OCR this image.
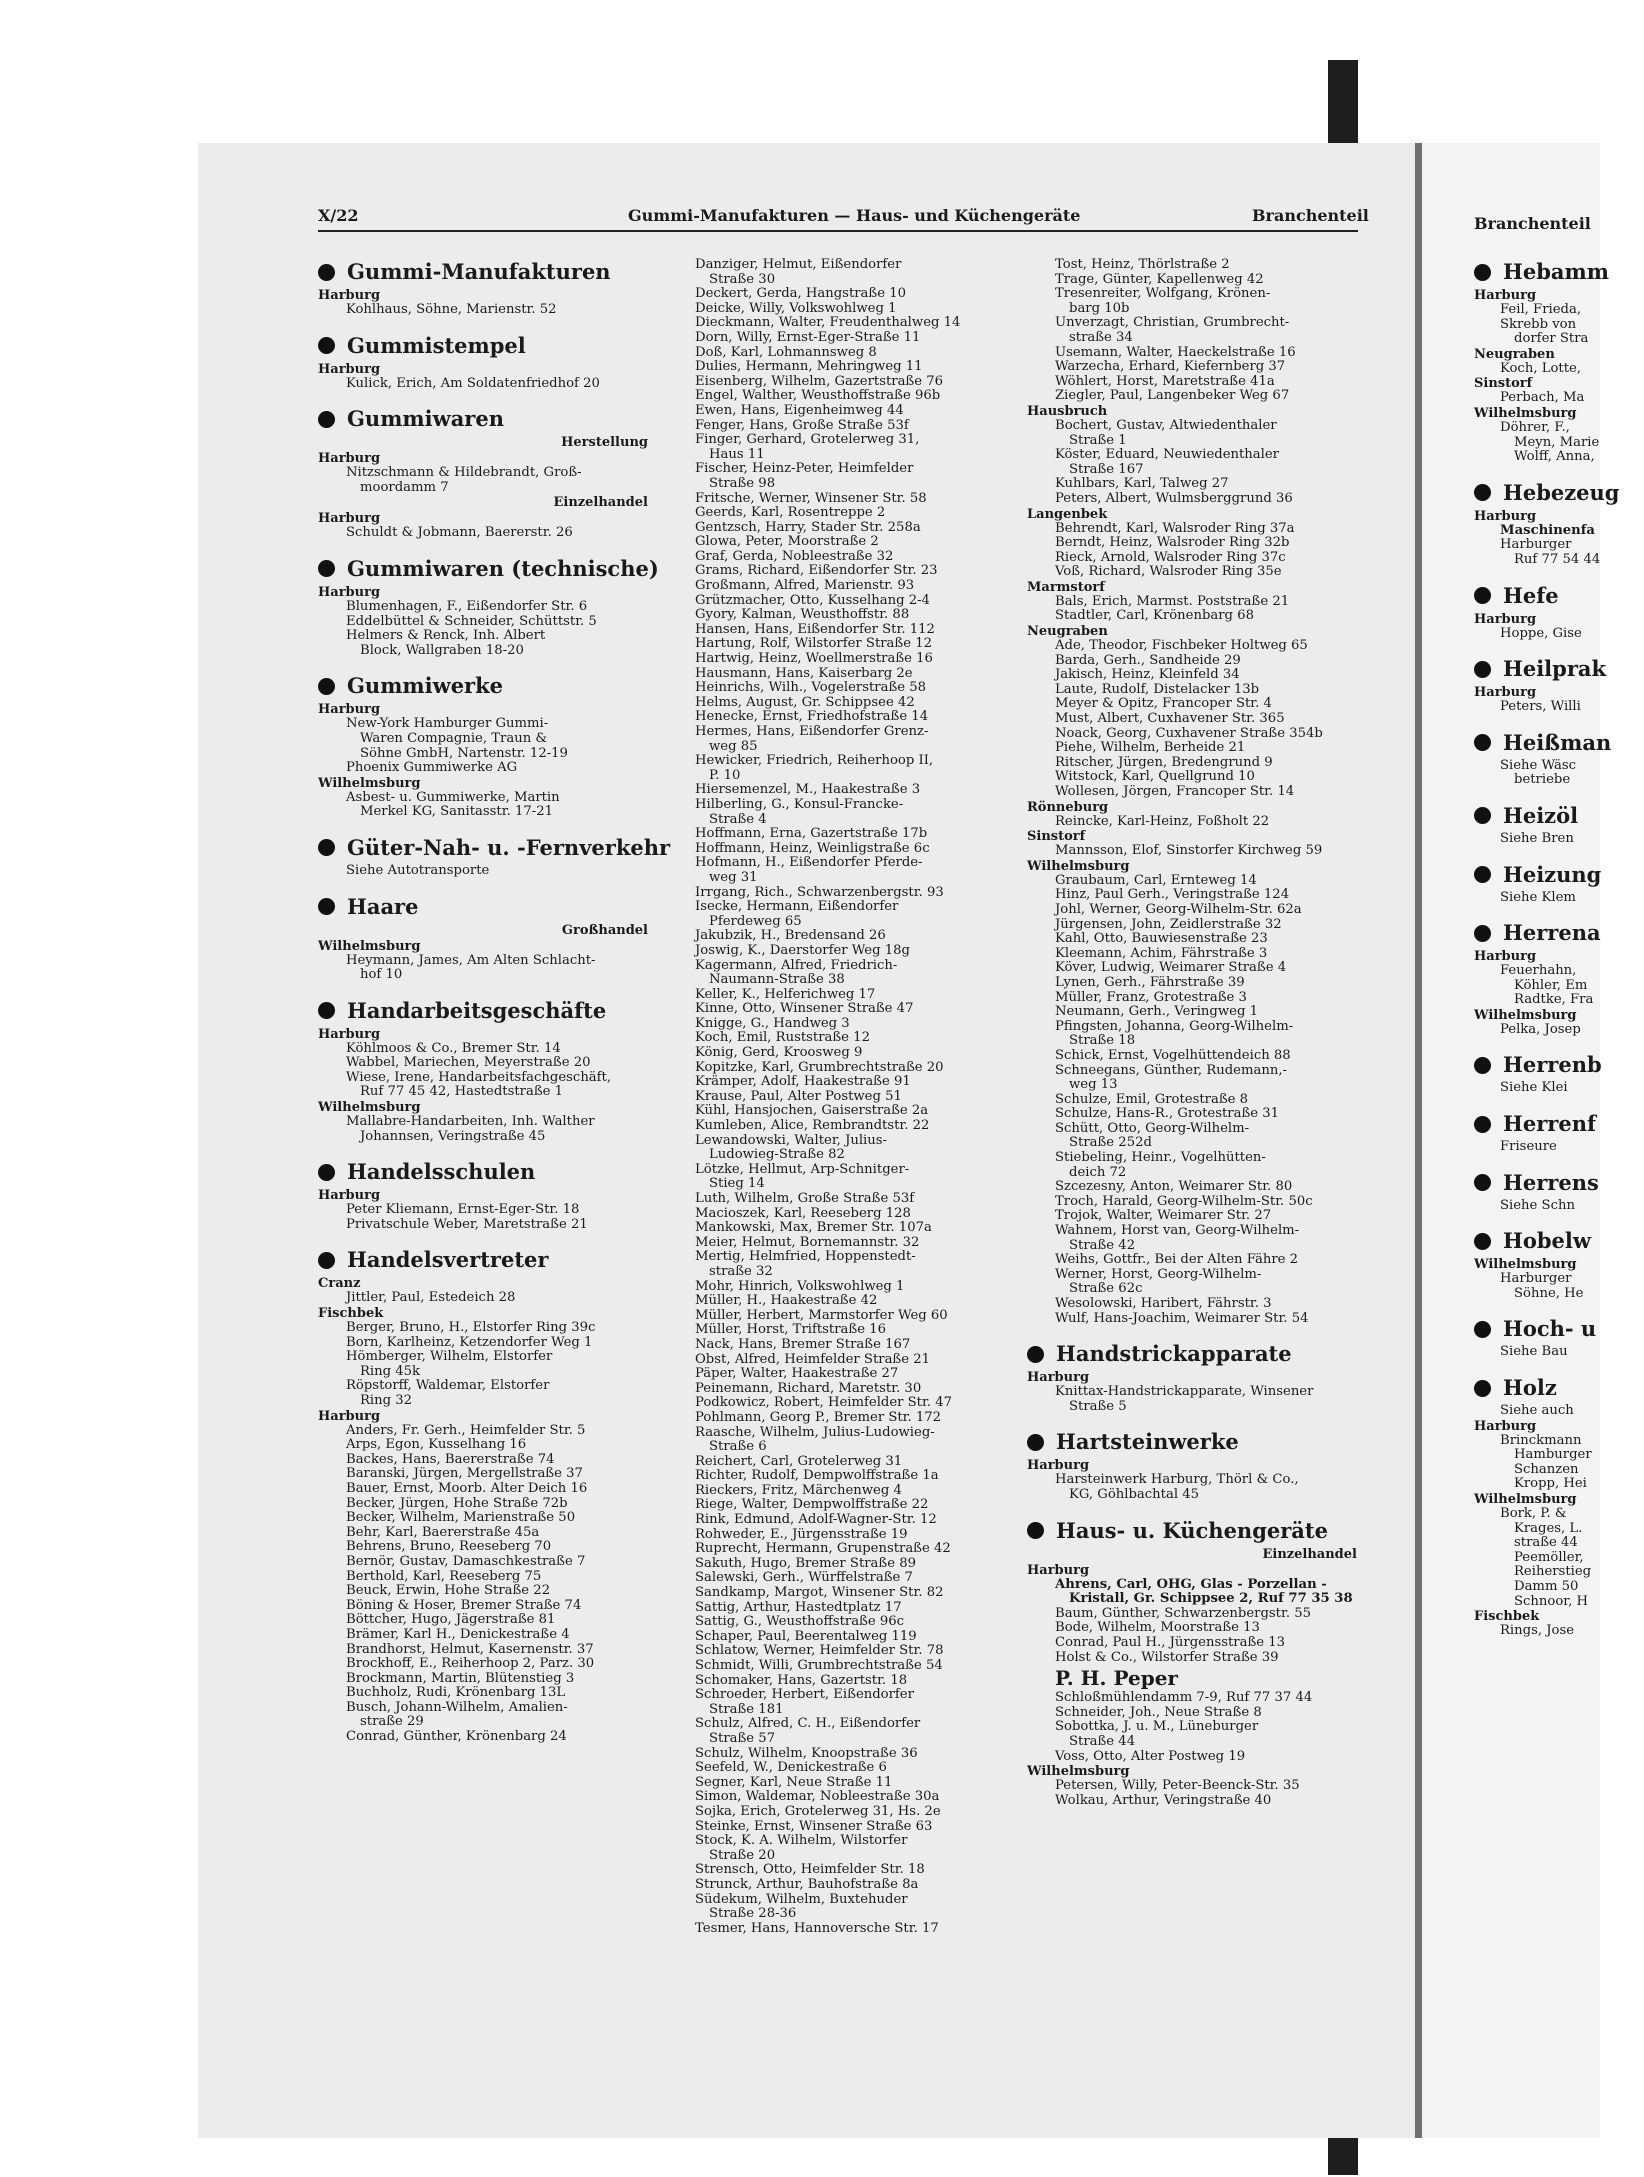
X/22	Gummi-Manufakturen — Haus- und Küchengeräte	Branchenteil	Branchenteil
Gummi-Manufakturen
Harburg
Kohlhaus, Söhne, Marienstr. 52
Gummistempel
Harburg
Kulick, Erich, Am Soldatenfriedhof 20
Gummiwaren
Herstellung
Harburg
Nitzschmann & Hildebrandt, Groß-
moordamm 7
Einzelhandel
Harburg
Schuldt & Jobmann, Baererstr. 26
Gummiwaren (technische)
Harburg
Blumenhagen, F., Eißendorfer Str. 6
Eddelbüttel & Schneider, Schüttstr. 5
Helmers & Renck, Inh. Albert
Block, Wallgraben 18-20
Gummiwerke
Harburg
New-York Hamburger Gummi-
Waren Compagnie, Traun &
Söhne GmbH, Nartenstr. 12-19
Phoenix Gummiwerke AG
Wilhelmsburg
Asbest- u. Gummiwerke, Martin
Merkel KG, Sanitasstr. 17-21
Güter-Nah- u. -Fernverkehr
Siehe Autotransporte
Haare
Großhandel
Wilhelmsburg
Heymann, James, Am Alten Schlacht-
hof 10
Handarbeitsgeschäfte
Harburg
Köhlmoos & Co., Bremer Str. 14
Wabbel, Mariechen, Meyerstraße 20
Wiese, Irene, Handarbeitsfachgeschäft,
Ruf 77 45 42, Hastedtstraße 1
Wilhelmsburg
Mallabre-Handarbeiten, Inh. Walther
Johannsen, Veringstraße 45
Handelsschulen
Harburg
Peter Kliemann, Ernst-Eger-Str. 18
Privatschule Weber, Maretstraße 21
Handelsvertreter
Cranz
Jittler, Paul, Estedeich 28
Fischbek
Berger, Bruno, H., Elstorfer Ring 39c
Born, Karlheinz, Ketzendorfer Weg 1
Hömberger, Wilhelm, Elstorfer
Ring 45k
Röpstorff, Waldemar, Elstorfer
Ring 32
Harburg
Anders, Fr. Gerh., Heimfelder Str. 5
Arps, Egon, Kusselhang 16
Backes, Hans, Baererstraße 74
Baranski, Jürgen, Mergellstraße 37
Bauer, Ernst, Moorb. Alter Deich 16
Becker, Jürgen, Hohe Straße 72b
Becker, Wilhelm, Marienstraße 50
Behr, Karl, Baererstraße 45a
Behrens, Bruno, Reeseberg 70
Bernör, Gustav, Damaschkestraße 7
Berthold, Karl, Reeseberg 75
Beuck, Erwin, Hohe Straße 22
Böning & Hoser, Bremer Straße 74
Böttcher, Hugo, Jägerstraße 81
Brämer, Karl H., Denickestraße 4
Brandhorst, Helmut, Kasernenstr. 37
Brockhoff, E., Reiherhoop 2, Parz. 30
Brockmann, Martin, Blütenstieg 3
Buchholz, Rudi, Krönenbarg 13L
Busch, Johann-Wilhelm, Amalien-
straße 29
Conrad, Günther, Krönenbarg 24
Danziger, Helmut, Eißendorfer
Straße 30
Deckert, Gerda, Hangstraße 10
Deicke, Willy, Volkswohlweg 1
Dieckmann, Walter, Freudenthalweg 14
Dorn, Willy, Ernst-Eger-Straße 11
Doß, Karl, Lohmannsweg 8
Dulies, Hermann, Mehringweg 11
Eisenberg, Wilhelm, Gazertstraße 76
Engel, Walther, Weusthoffstraße 96b
Ewen, Hans, Eigenheimweg 44
Fenger, Hans, Große Straße 53f
Finger, Gerhard, Grotelerweg 31,
Haus 11
Fischer, Heinz-Peter, Heimfelder
Straße 98
Fritsche, Werner, Winsener Str. 58
Geerds, Karl, Rosentreppe 2
Gentzsch, Harry, Stader Str. 258a
Glowa, Peter, Moorstraße 2
Graf, Gerda, Nobleestraße 32
Grams, Richard, Eißendorfer Str. 23
Großmann, Alfred, Marienstr. 93
Grützmacher, Otto, Kusselhang 2-4
Gyory, Kalman, Weusthoffstr. 88
Hansen, Hans, Eißendorfer Str. 112
Hartung, Rolf, Wilstorfer Straße 12
Hartwig, Heinz, Woellmerstraße 16
Hausmann, Hans, Kaiserbarg 2e
Heinrichs, Wilh., Vogelerstraße 58
Helms, August, Gr. Schippsee 42
Henecke, Ernst, Friedhofstraße 14
Hermes, Hans, Eißendorfer Grenz-
weg 85
Hewicker, Friedrich, Reiherhoop II,
P. 10
Hiersemenzel, M., Haakestraße 3
Hilberling, G., Konsul-Francke-
Straße 4
Hoffmann, Erna, Gazertstraße 17b
Hoffmann, Heinz, Weinligstraße 6c
Hofmann, H., Eißendorfer Pferde-
weg 31
Irrgang, Rich., Schwarzenbergstr. 93
Isecke, Hermann, Eißendorfer
Pferdeweg 65
Jakubzik, H., Bredensand 26
Joswig, K., Daerstorfer Weg 18g
Kagermann, Alfred, Friedrich-
Naumann-Straße 38
Keller, K., Helferichweg 17
Kinne, Otto, Winsener Straße 47
Knigge, G., Handweg 3
Koch, Emil, Ruststraße 12
König, Gerd, Kroosweg 9
Kopitzke, Karl, Grumbrechtstraße 20
Krämper, Adolf, Haakestraße 91
Krause, Paul, Alter Postweg 51
Kühl, Hansjochen, Gaiserstraße 2a
Kumleben, Alice, Rembrandtstr. 22
Lewandowski, Walter, Julius-
Ludowieg-Straße 82
Lötzke, Hellmut, Arp-Schnitger-
Stieg 14
Luth, Wilhelm, Große Straße 53f
Macioszek, Karl, Reeseberg 128
Mankowski, Max, Bremer Str. 107a
Meier, Helmut, Bornemannstr. 32
Mertig, Helmfried, Hoppenstedt-
straße 32
Mohr, Hinrich, Volkswohlweg 1
Müller, H., Haakestraße 42
Müller, Herbert, Marmstorfer Weg 60
Müller, Horst, Triftstraße 16
Nack, Hans, Bremer Straße 167
Obst, Alfred, Heimfelder Straße 21
Päper, Walter, Haakestraße 27
Peinemann, Richard, Maretstr. 30
Podkowicz, Robert, Heimfelder Str. 47
Pohlmann, Georg P., Bremer Str. 172
Raasche, Wilhelm, Julius-Ludowieg-
Straße 6
Reichert, Carl, Grotelerweg 31
Richter, Rudolf, Dempwolffstraße 1a
Rieckers, Fritz, Märchenweg 4
Riege, Walter, Dempwolffstraße 22
Rink, Edmund, Adolf-Wagner-Str. 12
Rohweder, E., Jürgensstraße 19
Ruprecht, Hermann, Grupenstraße 42
Sakuth, Hugo, Bremer Straße 89
Salewski, Gerh., Würffelstraße 7
Sandkamp, Margot, Winsener Str. 82
Sattig, Arthur, Hastedtplatz 17
Sattig, G., Weusthoffstraße 96c
Schaper, Paul, Beerentalweg 119
Schlatow, Werner, Heimfelder Str. 78
Schmidt, Willi, Grumbrechtstraße 54
Schomaker, Hans, Gazertstr. 18
Schroeder, Herbert, Eißendorfer
Straße 181
Schulz, Alfred, C. H., Eißendorfer
Straße 57
Schulz, Wilhelm, Knoopstraße 36
Seefeld, W., Denickestraße 6
Segner, Karl, Neue Straße 11
Simon, Waldemar, Nobleestraße 30a
Sojka, Erich, Grotelerweg 31, Hs. 2e
Steinke, Ernst, Winsener Straße 63
Stock, K. A. Wilhelm, Wilstorfer
Straße 20
Strensch, Otto, Heimfelder Str. 18
Strunck, Arthur, Bauhofstraße 8a
Südekum, Wilhelm, Buxtehuder
Straße 28-36
Tesmer, Hans, Hannoversche Str. 17
Tost, Heinz, Thörlstraße 2
Trage, Günter, Kapellenweg 42
Tresenreiter, Wolfgang, Krönen-
barg 10b
Unverzagt, Christian, Grumbrecht-
straße 34
Usemann, Walter, Haeckelstraße 16
Warzecha, Erhard, Kiefernberg 37
Wöhlert, Horst, Maretstraße 41a
Ziegler, Paul, Langenbeker Weg 67
Hausbruch
Bochert, Gustav, Altwiedenthaler
Straße 1
Köster, Eduard, Neuwiedenthaler
Straße 167
Kuhlbars, Karl, Talweg 27
Peters, Albert, Wulmsberggrund 36
Langenbek
Behrendt, Karl, Walsroder Ring 37a
Berndt, Heinz, Walsroder Ring 32b
Rieck, Arnold, Walsroder Ring 37c
Voß, Richard, Walsroder Ring 35e
Marmstorf
Bals, Erich, Marmst. Poststraße 21
Stadtler, Carl, Krönenbarg 68
Neugraben
Ade, Theodor, Fischbeker Holtweg 65
Barda, Gerh., Sandheide 29
Jakisch, Heinz, Kleinfeld 34
Laute, Rudolf, Distelacker 13b
Meyer & Opitz, Francoper Str. 4
Must, Albert, Cuxhavener Str. 365
Noack, Georg, Cuxhavener Straße 354b
Piehe, Wilhelm, Berheide 21
Ritscher, Jürgen, Bredengrund 9
Witstock, Karl, Quellgrund 10
Wollesen, Jörgen, Francoper Str. 14
Rönneburg
Reincke, Karl-Heinz, Foßholt 22
Sinstorf
Mannsson, Elof, Sinstorfer Kirchweg 59
Wilhelmsburg
Graubaum, Carl, Ernteweg 14
Hinz, Paul Gerh., Veringstraße 124
Johl, Werner, Georg-Wilhelm-Str. 62a
Jürgensen, John, Zeidlerstraße 32
Kahl, Otto, Bauwiesenstraße 23
Kleemann, Achim, Fährstraße 3
Köver, Ludwig, Weimarer Straße 4
Lynen, Gerh., Fährstraße 39
Müller, Franz, Grotestraße 3
Neumann, Gerh., Veringweg 1
Pfingsten, Johanna, Georg-Wilhelm-
Straße 18
Schick, Ernst, Vogelhüttendeich 88
Schneegans, Günther, Rudemann,-
weg 13
Schulze, Emil, Grotestraße 8
Schulze, Hans-R., Grotestraße 31
Schütt, Otto, Georg-Wilhelm-
Straße 252d
Stiebeling, Heinr., Vogelhütten-
deich 72
Szcezesny, Anton, Weimarer Str. 80
Troch, Harald, Georg-Wilhelm-Str. 50c
Trojok, Walter, Weimarer Str. 27
Wahnem, Horst van, Georg-Wilhelm-
Straße 42
Weihs, Gottfr., Bei der Alten Fähre 2
Werner, Horst, Georg-Wilhelm-
Straße 62c
Wesolowski, Haribert, Fährstr. 3
Wulf, Hans-Joachim, Weimarer Str. 54
Handstrickapparate
Harburg
Knittax-Handstrickapparate, Winsener
Straße 5
Hartsteinwerke
Harburg
Harsteinwerk Harburg, Thörl & Co.,
KG, Göhlbachtal 45
Haus- u. Küchengeräte
Einzelhandel
Harburg
Ahrens, Carl, OHG, Glas - Porzellan -
Kristall, Gr. Schippsee 2, Ruf 77 35 38
Baum, Günther, Schwarzenbergstr. 55
Bode, Wilhelm, Moorstraße 13
Conrad, Paul H., Jürgensstraße 13
Holst & Co., Wilstorfer Straße 39
P. H. Peper
Schloßmühlendamm 7-9, Ruf 77 37 44
Schneider, Joh., Neue Straße 8
Sobottka, J. u. M., Lüneburger
Straße 44
Voss, Otto, Alter Postweg 19
Wilhelmsburg
Petersen, Willy, Peter-Beenck-Str. 35
Wolkau, Arthur, Veringstraße 40
Hebamm
Harburg
Feil, Frieda,
Skrebb von
dorfer Stra
Neugraben
Koch, Lotte,
Sinstorf
Perbach, Ma
Wilhelmsburg
Döhrer, F.,
Meyn, Marie
Wolff, Anna,
Hebezeug
Harburg
Maschinenfa
Harburger
Ruf 77 54 44
Hefe
Harburg
Hoppe, Gise
Heilprak
Harburg
Peters, Willi
Heißman
Siehe Wäsc
betriebe
Heizöl
Siehe Bren
Heizung
Siehe Klem
Herrena
Harburg
Feuerhahn,
Köhler, Em
Radtke, Fra
Wilhelmsburg
Pelka, Josep
Herrenb
Siehe Klei
Herrenf
Friseure
Herrens
Siehe Schn
Hobelw
Wilhelmsburg
Harburger
Söhne, He
Hoch- u
Siehe Bau
Holz
Siehe auch
Harburg
Brinckmann
Hamburger
Schanzen
Kropp, Hei
Wilhelmsburg
Bork, P. &
Krages, L.
straße 44
Peemöller,
Reiherstieg
Damm 50
Schnoor, H
Fischbek
Rings, Jose
